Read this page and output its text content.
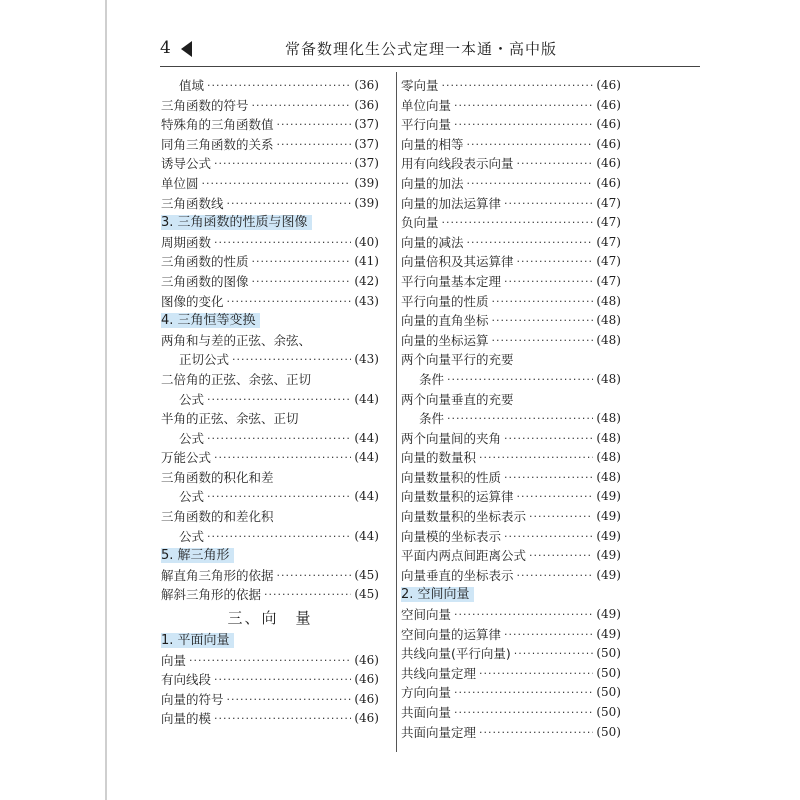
4	常备数理化生公式定理一本通・高中版
值域 ·····	(36)
三角函数的符号 ·····	(36)
特殊角的三角函数值 ·····	(37)
同角三角函数的关系 ·····	(37)
诱导公式 ·····	(37)
单位圆 ·····	(39)
三角函数线 ·····	(39)
3. 三角函数的性质与图像
周期函数 ·····	(40)
三角函数的性质 ·····	(41)
三角函数的图像 ·····	(42)
图像的变化 ·····	(43)
4. 三角恒等变换
两角和与差的正弦、余弦、
正切公式 ·····	(43)
二倍角的正弦、余弦、正切
公式 ·····	(44)
半角的正弦、余弦、正切
公式 ·····	(44)
万能公式 ·····	(44)
三角函数的积化和差
公式 ·····	(44)
三角函数的和差化积
公式 ·····	(44)
5. 解三角形
解直角三角形的依据 ·····	(45)
解斜三角形的依据 ·····	(45)
三、向　量
1. 平面向量
向量 ·····	(46)
有向线段 ·····	(46)
向量的符号 ·····	(46)
向量的模 ·····	(46)
零向量 ·····	(46)
单位向量 ·····	(46)
平行向量 ·····	(46)
向量的相等 ·····	(46)
用有向线段表示向量 ·····	(46)
向量的加法 ·····	(46)
向量的加法运算律 ·····	(47)
负向量 ·····	(47)
向量的减法 ·····	(47)
向量倍积及其运算律 ·····	(47)
平行向量基本定理 ·····	(47)
平行向量的性质 ·····	(48)
向量的直角坐标 ·····	(48)
向量的坐标运算 ·····	(48)
两个向量平行的充要
条件 ·····	(48)
两个向量垂直的充要
条件 ·····	(48)
两个向量间的夹角 ·····	(48)
向量的数量积 ·····	(48)
向量数量积的性质 ·····	(48)
向量数量积的运算律 ·····	(49)
向量数量积的坐标表示 ·····	(49)
向量模的坐标表示 ·····	(49)
平面内两点间距离公式 ·····	(49)
向量垂直的坐标表示 ·····	(49)
2. 空间向量
空间向量 ·····	(49)
空间向量的运算律 ·····	(49)
共线向量(平行向量) ·····	(50)
共线向量定理 ·····	(50)
方向向量 ·····	(50)
共面向量 ·····	(50)
共面向量定理 ·····	(50)
